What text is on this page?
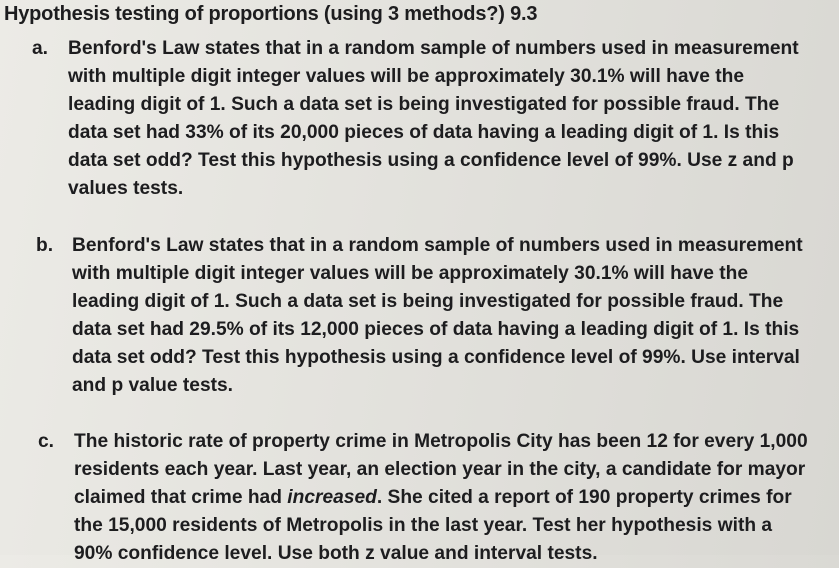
Hypothesis testing of proportions (using 3 methods?) 9.3
a. Benford's Law states that in a random sample of numbers used in measurement
with multiple digit integer values will be approximately 30.1% will have the
leading digit of 1. Such a data set is being investigated for possible fraud. The
data set had 33% of its 20,000 pieces of data having a leading digit of 1. Is this
data set odd? Test this hypothesis using a confidence level of 99%. Use z and p
values tests.
b. Benford's Law states that in a random sample of numbers used in measurement
with multiple digit integer values will be approximately 30.1% will have the
leading digit of 1. Such a data set is being investigated for possible fraud. The
data set had 29.5% of its 12,000 pieces of data having a leading digit of 1. Is this
data set odd? Test this hypothesis using a confidence level of 99%. Use interval
and p value tests.
c. The historic rate of property crime in Metropolis City has been 12 for every 1,000
residents each year. Last year, an election year in the city, a candidate for mayor
claimed that crime had increased. She cited a report of 190 property crimes for
the 15,000 residents of Metropolis in the last year. Test her hypothesis with a
90% confidence level. Use both z value and interval tests.
